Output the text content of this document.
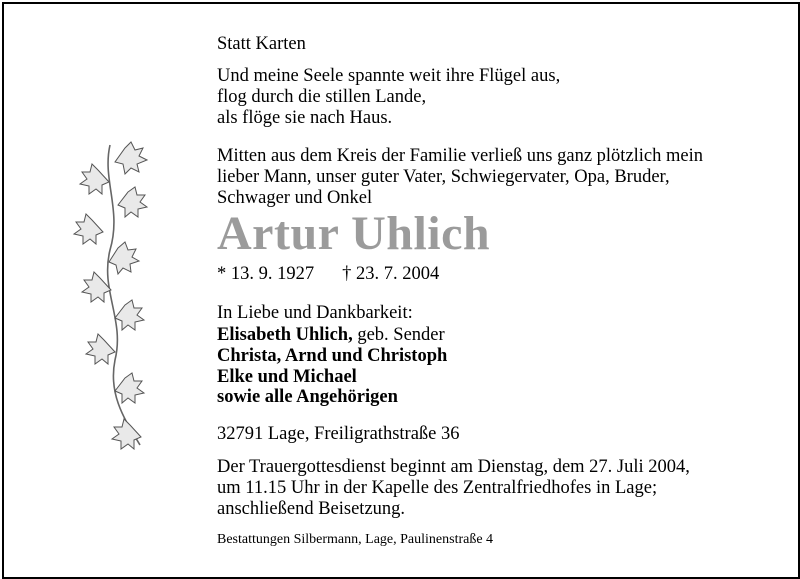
Statt Karten
Und meine Seele spannte weit ihre Flügel aus,
flog durch die stillen Lande,
als flöge sie nach Haus.
Mitten aus dem Kreis der Familie verließ uns ganz plötzlich mein
lieber Mann, unser guter Vater, Schwiegervater, Opa, Bruder,
Schwager und Onkel
Artur Uhlich
* 13. 9. 1927 † 23. 7. 2004
In Liebe und Dankbarkeit:
Elisabeth Uhlich, geb. Sender
Christa, Arnd und Christoph
Elke und Michael
sowie alle Angehörigen
32791 Lage, Freiligrathstraße 36
Der Trauergottesdienst beginnt am Dienstag, dem 27. Juli 2004,
um 11.15 Uhr in der Kapelle des Zentralfriedhofes in Lage;
anschließend Beisetzung.
Bestattungen Silbermann, Lage, Paulinenstraße 4
